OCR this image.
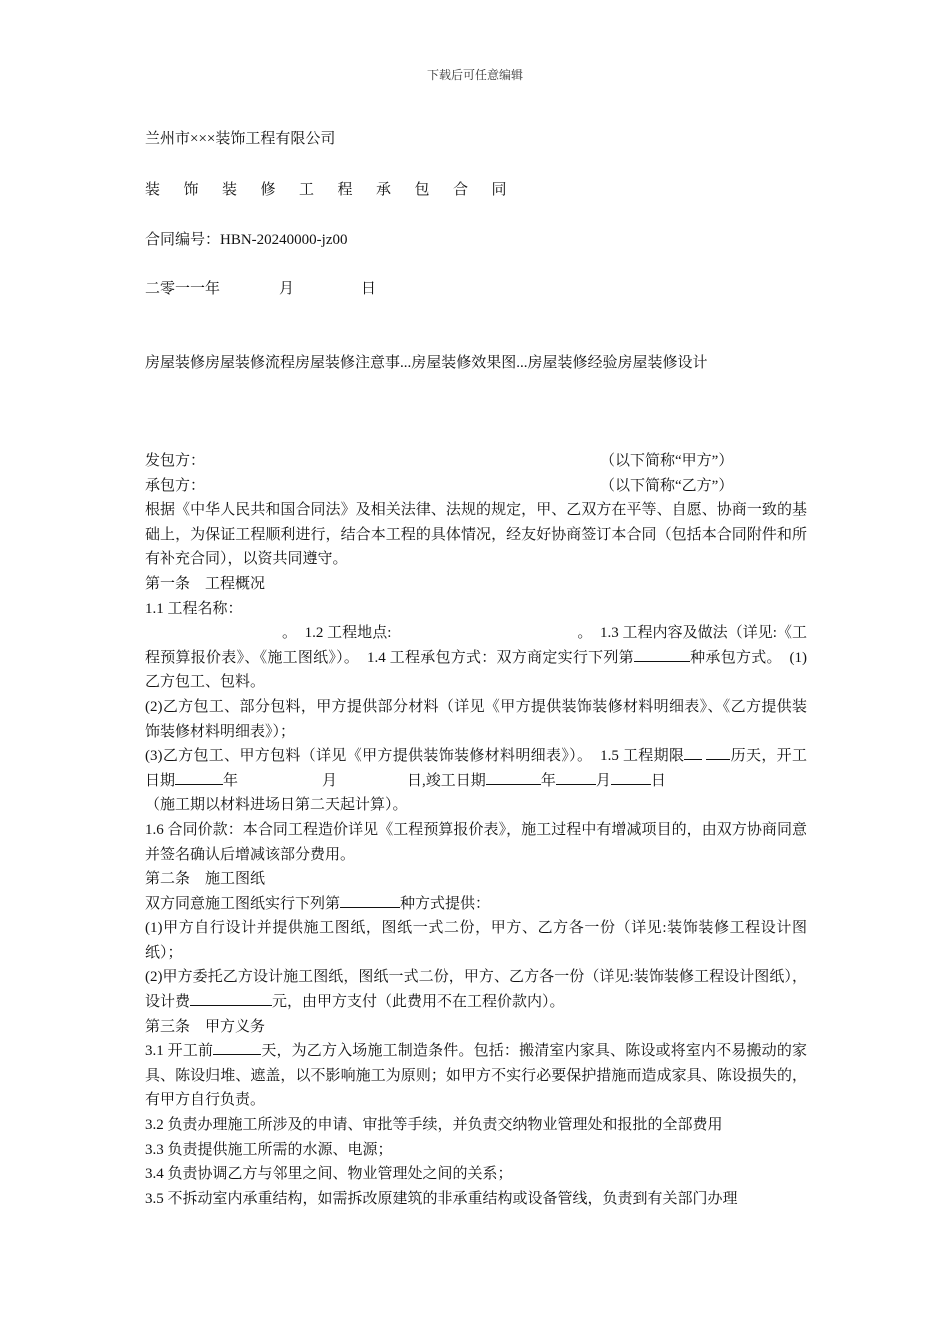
下载后可任意编辑
兰州市×××装饰工程有限公司
装 饰 装 修 工 程 承 包 合 同
合同编号：HBN-20240000-jz00
二零一一年	月	日
房屋装修房屋装修流程房屋装修注意事...房屋装修效果图...房屋装修经验房屋装修设计
发包方：	（以下简称“甲方”）
承包方：	（以下简称“乙方”）

根据《中华人民共和国合同法》及相关法律、法规的规定，甲、乙双方在平等、自愿、协商一致的基础上，为保证工程顺利进行，结合本工程的具体情况，经友好协商签订本合同（包括本合同附件和所有补充合同），以资共同遵守。

第一条　工程概况

1.1 工程名称：

。　1.2 工程地点:	。　1.3 工程内容及做法（详见:《工程预算报价表》、《施工图纸》）。　1.4 工程承包方式：双方商定实行下列第	种承包方式。　(1)乙方包工、包料。

(2)乙方包工、部分包料，甲方提供部分材料（详见《甲方提供装饰装修材料明细表》、《乙方提供装饰装修材料明细表》）；

(3)乙方包工、甲方包料（详见《甲方提供装饰装修材料明细表》）。　1.5 工程期限	历天，开工日期	年	月	日,竣工日期	年	月	日

（施工期以材料进场日第二天起计算）。

1.6 合同价款：本合同工程造价详见《工程预算报价表》，施工过程中有增减项目的，由双方协商同意并签名确认后增减该部分费用。

第二条　施工图纸

双方同意施工图纸实行下列第	种方式提供：

(1)甲方自行设计并提供施工图纸，图纸一式二份，甲方、乙方各一份（详见:装饰装修工程设计图纸）；

(2)甲方委托乙方设计施工图纸，图纸一式二份，甲方、乙方各一份（详见:装饰装修工程设计图纸），设计费	元，由甲方支付（此费用不在工程价款内）。

第三条　甲方义务

3.1 开工前	天，为乙方入场施工制造条件。包括：搬清室内家具、陈设或将室内不易搬动的家具、陈设归堆、遮盖，以不影响施工为原则；如甲方不实行必要保护措施而造成家具、陈设损失的，有甲方自行负责。

3.2 负责办理施工所涉及的申请、审批等手续，并负责交纳物业管理处和报批的全部费用

3.3 负责提供施工所需的水源、电源；

3.4 负责协调乙方与邻里之间、物业管理处之间的关系；

3.5 不拆动室内承重结构，如需拆改原建筑的非承重结构或设备管线，负责到有关部门办理
